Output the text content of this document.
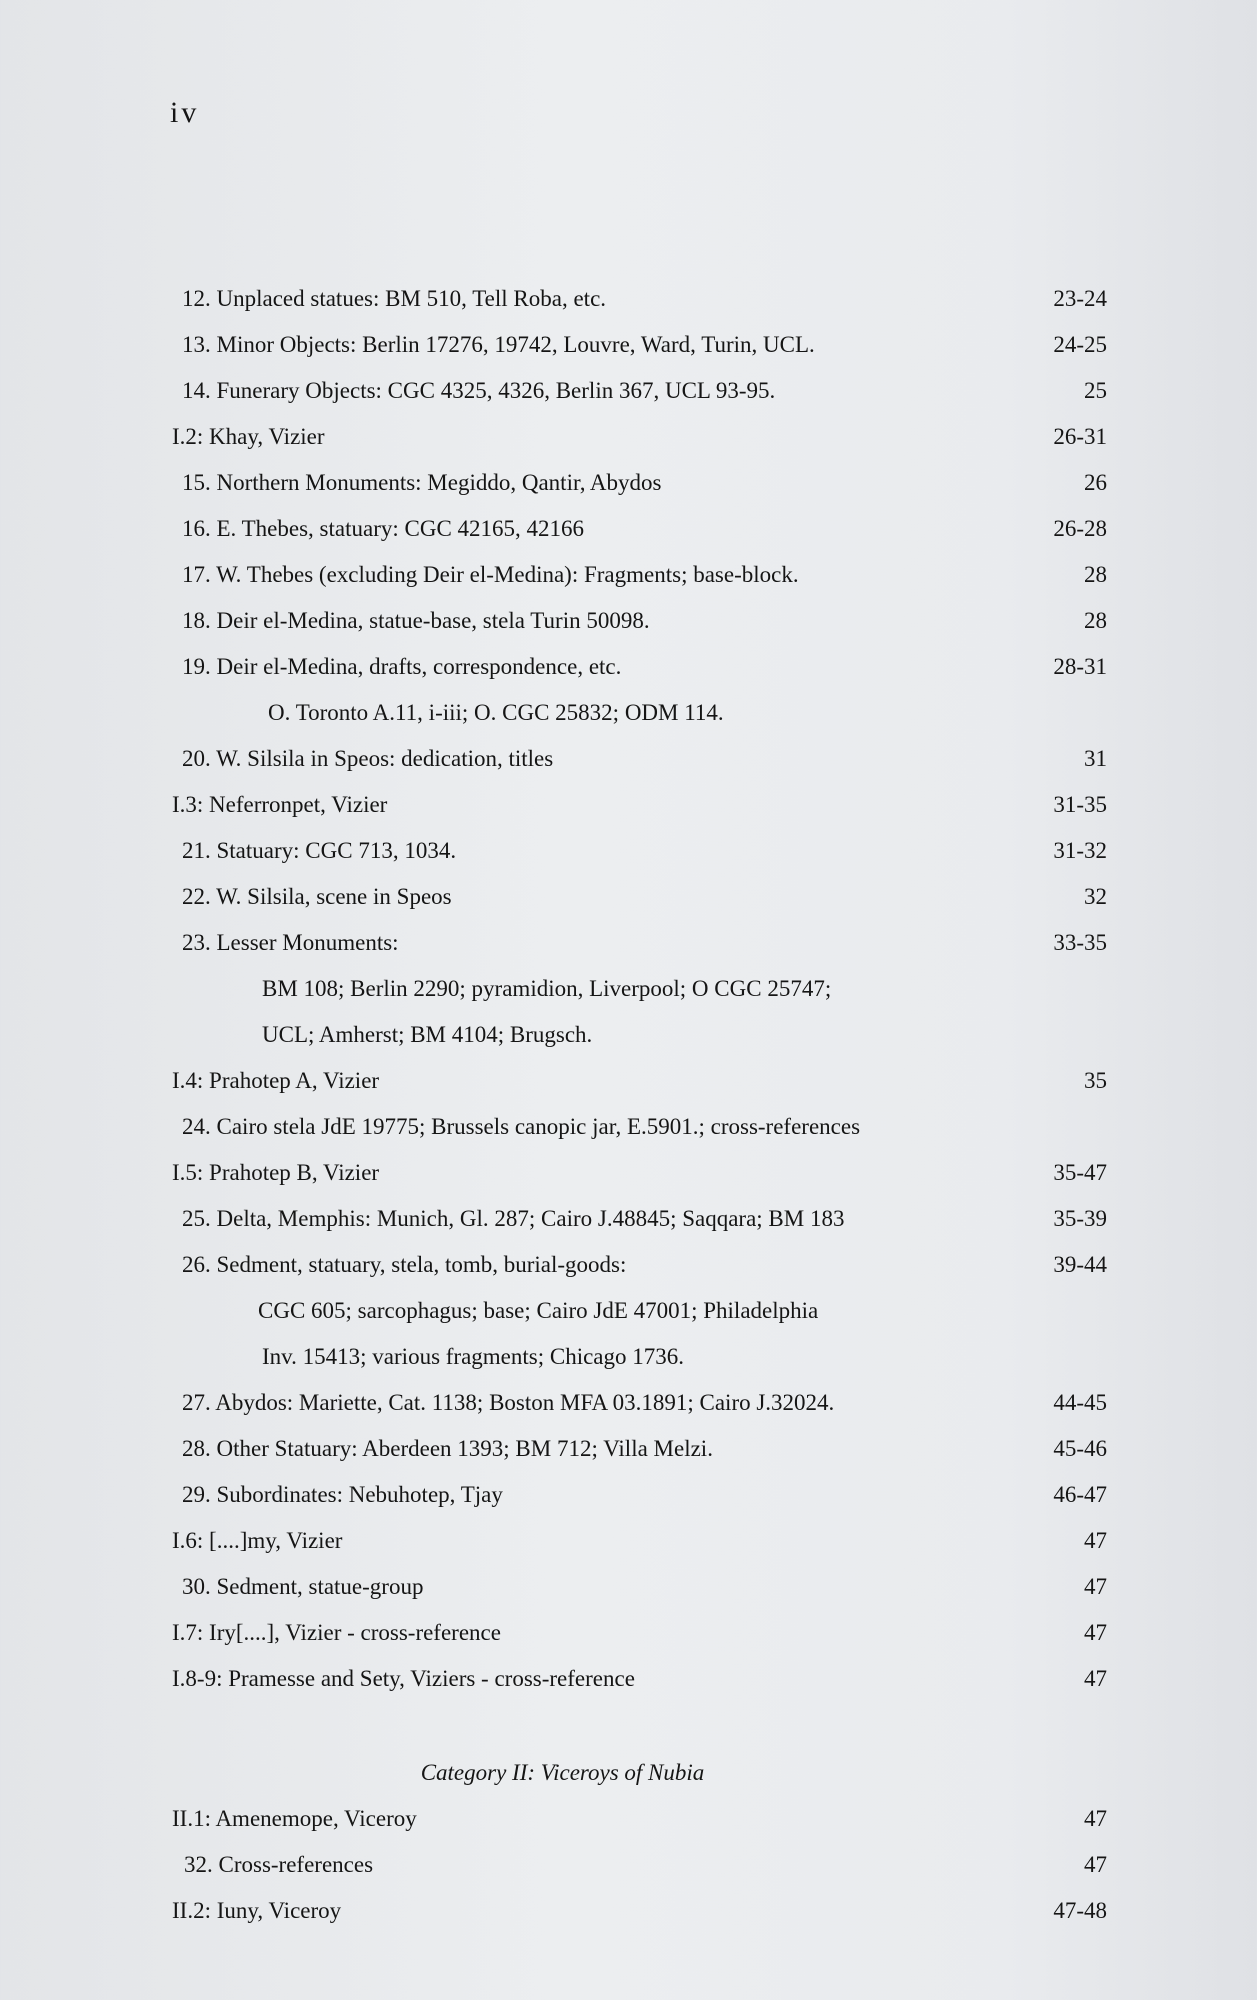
iv
12. Unplaced statues: BM 510, Tell Roba, etc.	23-24
13. Minor Objects: Berlin 17276, 19742, Louvre, Ward, Turin, UCL.	24-25
14. Funerary Objects: CGC 4325, 4326, Berlin 367, UCL 93-95.	25
I.2: Khay, Vizier	26-31
15. Northern Monuments: Megiddo, Qantir, Abydos	26
16. E. Thebes, statuary: CGC 42165, 42166	26-28
17. W. Thebes (excluding Deir el-Medina): Fragments; base-block.	28
18. Deir el-Medina, statue-base, stela Turin 50098.	28
19. Deir el-Medina, drafts, correspondence, etc.	28-31
O. Toronto A.11, i-iii; O. CGC 25832; ODM 114.
20. W. Silsila in Speos: dedication, titles	31
I.3: Neferronpet, Vizier	31-35
21. Statuary: CGC 713, 1034.	31-32
22. W. Silsila, scene in Speos	32
23. Lesser Monuments:	33-35
BM 108; Berlin 2290; pyramidion, Liverpool; O CGC 25747;
UCL; Amherst; BM 4104; Brugsch.
I.4: Prahotep A, Vizier	35
24. Cairo stela JdE 19775; Brussels canopic jar, E.5901.; cross-references
I.5: Prahotep B, Vizier	35-47
25. Delta, Memphis: Munich, Gl. 287; Cairo J.48845; Saqqara; BM 183	35-39
26. Sedment, statuary, stela, tomb, burial-goods:	39-44
CGC 605; sarcophagus; base; Cairo JdE 47001; Philadelphia
Inv. 15413; various fragments; Chicago 1736.
27. Abydos: Mariette, Cat. 1138; Boston MFA 03.1891; Cairo J.32024.	44-45
28. Other Statuary: Aberdeen 1393; BM 712; Villa Melzi.	45-46
29. Subordinates: Nebuhotep, Tjay	46-47
I.6: [....]my, Vizier	47
30. Sedment, statue-group	47
I.7: Iry[....], Vizier - cross-reference	47
I.8-9: Pramesse and Sety, Viziers - cross-reference	47
Category II: Viceroys of Nubia
II.1: Amenemope, Viceroy	47
32. Cross-references	47
II.2: Iuny, Viceroy	47-48
